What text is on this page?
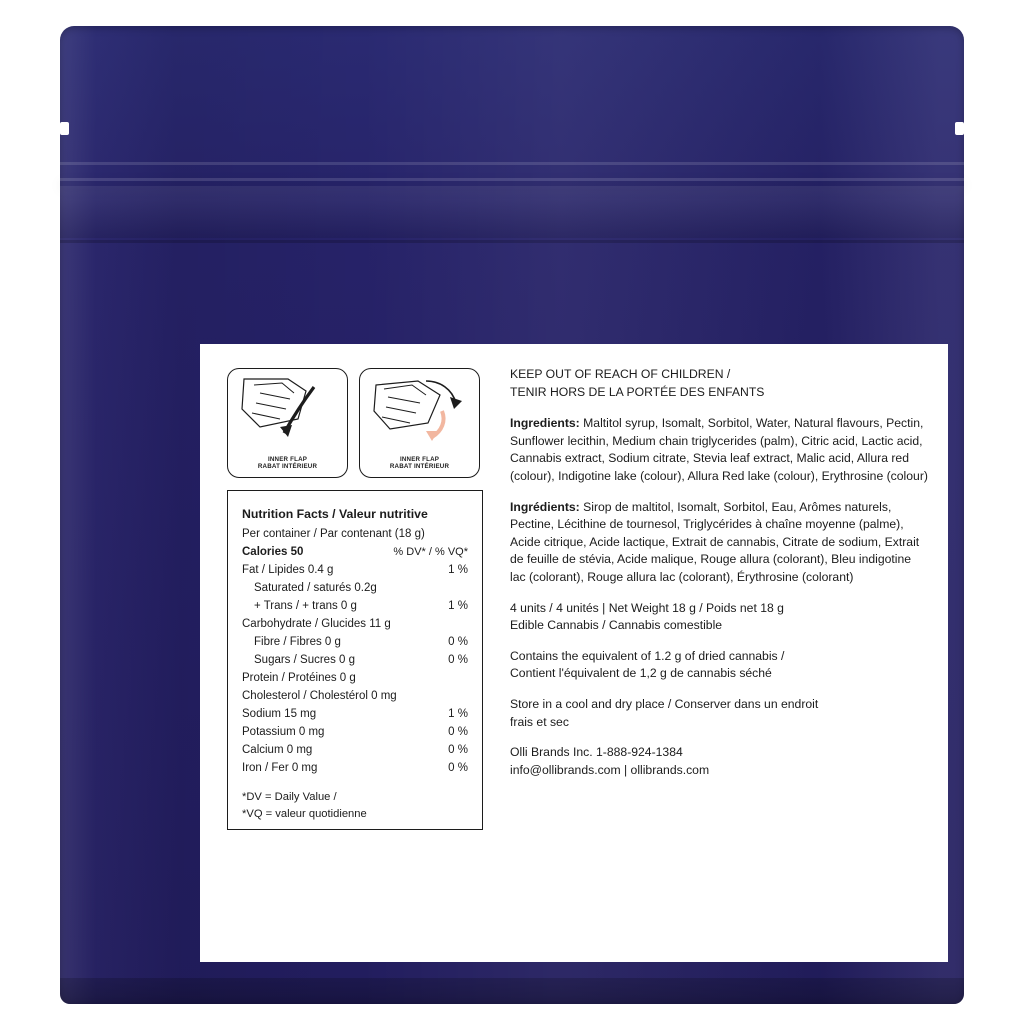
INNER FLAP
RABAT INTÉRIEUR
INNER FLAP
RABAT INTÉRIEUR
Nutrition Facts / Valeur nutritive
Per container / Par contenant (18 g)
Calories 50	% DV* / % VQ*
Fat / Lipides 0.4 g	1 %
Saturated / saturés 0.2g
+ Trans / + trans 0 g	1 %
Carbohydrate / Glucides 11 g
Fibre / Fibres 0 g	0 %
Sugars / Sucres 0 g	0 %
Protein / Protéines 0 g
Cholesterol / Cholestérol 0 mg
Sodium 15 mg	1 %
Potassium 0 mg	0 %
Calcium 0 mg	0 %
Iron / Fer 0 mg	0 %
*DV = Daily Value /
*VQ = valeur quotidienne

KEEP OUT OF REACH OF CHILDREN /
TENIR HORS DE LA PORTÉE DES ENFANTS

Ingredients: Maltitol syrup, Isomalt, Sorbitol, Water, Natural flavours, Pectin, Sunflower lecithin, Medium chain triglycerides (palm), Citric acid, Lactic acid, Cannabis extract, Sodium citrate, Stevia leaf extract, Malic acid, Allura red (colour), Indigotine lake (colour), Allura Red lake (colour), Erythrosine (colour)

Ingrédients: Sirop de maltitol, Isomalt, Sorbitol, Eau, Arômes naturels, Pectine, Lécithine de tournesol, Triglycérides à chaîne moyenne (palme), Acide citrique, Acide lactique, Extrait de cannabis, Citrate de sodium, Extrait de feuille de stévia, Acide malique, Rouge allura (colorant), Bleu indigotine lac (colorant), Rouge allura lac (colorant), Érythrosine (colorant)

4 units / 4 unités | Net Weight 18 g / Poids net 18 g
Edible Cannabis / Cannabis comestible

Contains the equivalent of 1.2 g of dried cannabis /
Contient l'équivalent de 1,2 g de cannabis séché

Store in a cool and dry place / Conserver dans un endroit
frais et sec

Olli Brands Inc. 1-888-924-1384
info@ollibrands.com | ollibrands.com
